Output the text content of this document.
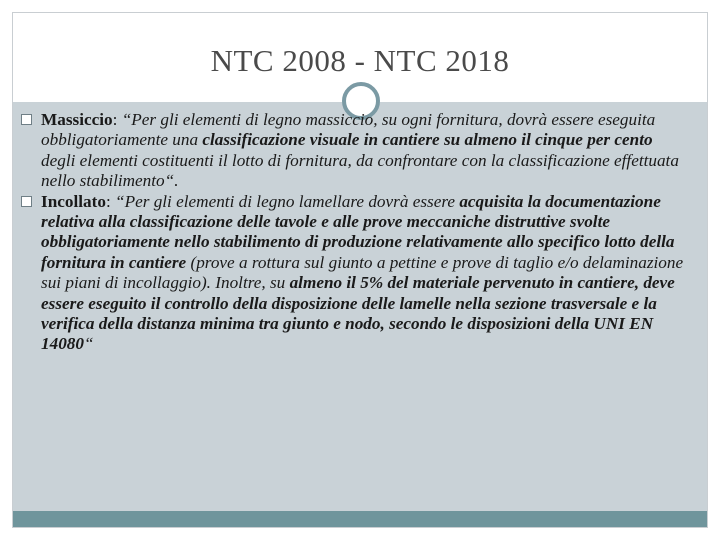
NTC 2008 - NTC 2018
Massiccio: “Per gli elementi di legno massiccio, su ogni fornitura, dovrà essere eseguita obbligatoriamente una classificazione visuale in cantiere su almeno il cinque per cento degli elementi costituenti il lotto di fornitura, da confrontare con la classificazione effettuata nello stabilimento“.
Incollato: “Per gli elementi di legno lamellare dovrà essere acquisita la documentazione relativa alla classificazione delle tavole e alle prove meccaniche distruttive svolte obbligatoriamente nello stabilimento di produzione relativamente allo specifico lotto della fornitura in cantiere (prove a rottura sul giunto a pettine e prove di taglio e/o delaminazione sui piani di incollaggio). Inoltre, su almeno il 5% del materiale pervenuto in cantiere, deve essere eseguito il controllo della disposizione delle lamelle nella sezione trasversale e la verifica della distanza minima tra giunto e nodo, secondo le disposizioni della UNI EN 14080“
